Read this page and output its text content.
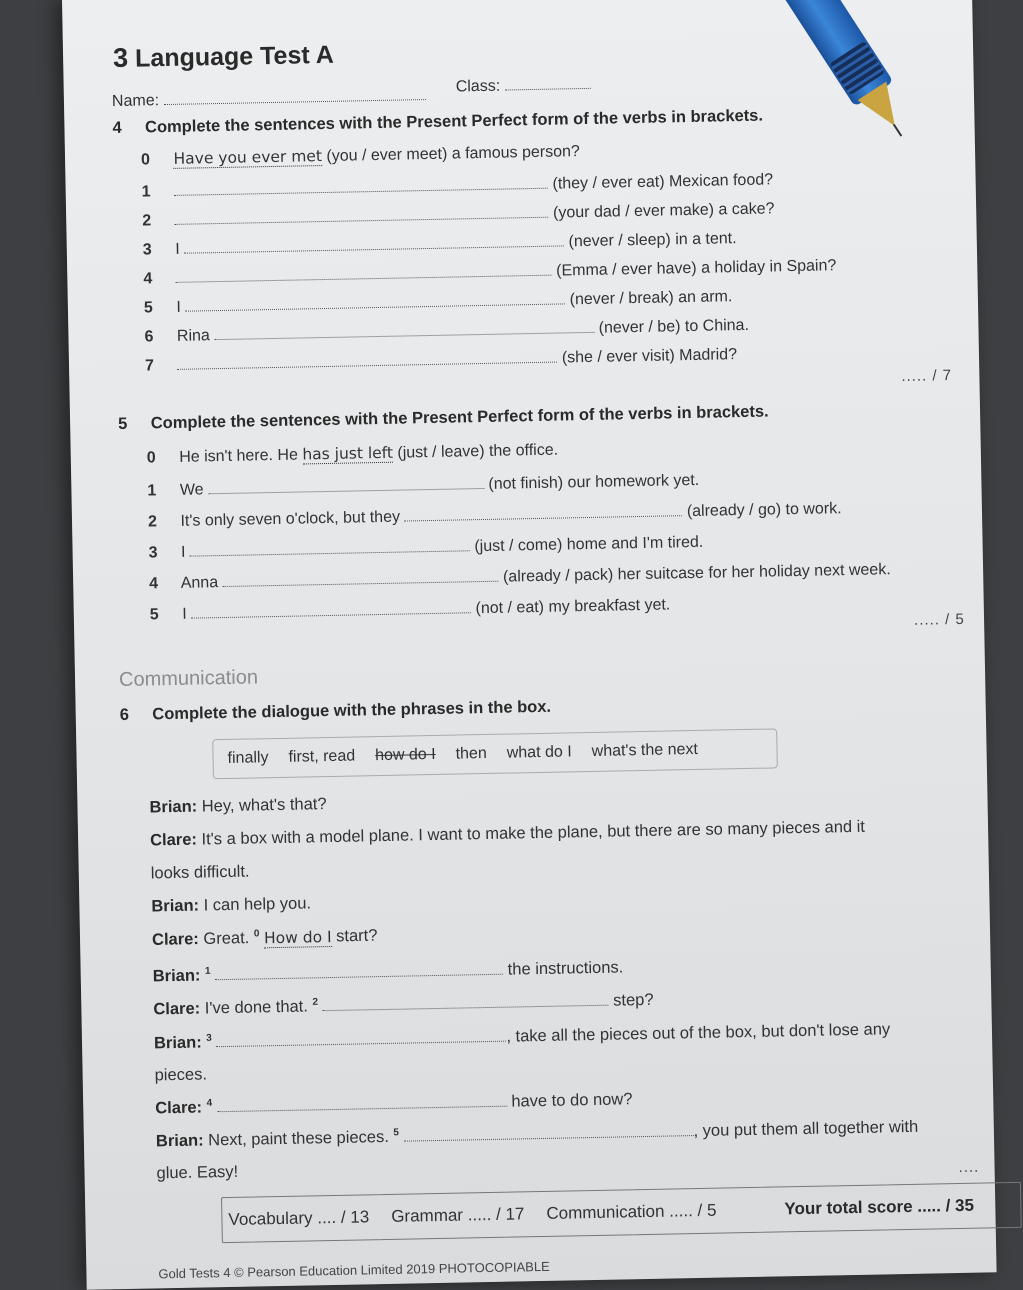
3 Language Test A
Name:
Class:
4 Complete the sentences with the Present Perfect form of the verbs in brackets.
0 Have you ever met (you / ever meet) a famous person?
1	(they / ever eat) Mexican food?
2	(your dad / ever make) a cake?
3 I	(never / sleep) in a tent.
4	(Emma / ever have) a holiday in Spain?
5 I	(never / break) an arm.
6 Rina	(never / be) to China.
7	(she / ever visit) Madrid?
..... / 7
5 Complete the sentences with the Present Perfect form of the verbs in brackets.
0 He isn't here. He has just left (just / leave) the office.
1 We	(not finish) our homework yet.
2 It's only seven o'clock, but they	(already / go) to work.
3 I	(just / come) home and I'm tired.
4 Anna	(already / pack) her suitcase for her holiday next week.
5 I	(not / eat) my breakfast yet.
..... / 5
Communication
6 Complete the dialogue with the phrases in the box.
finally first, read how do I then what do I what's the next
Brian: Hey, what's that?
Clare: It's a box with a model plane. I want to make the plane, but there are so many pieces and it
looks difficult.
Brian: I can help you.
Clare: Great. $^0$ How do I start?
Brian: $^1$	the instructions.
Clare: I've done that. $^2$	step?
Brian: $^3$	, take all the pieces out of the box, but don't lose any
pieces.
Clare: $^4$	have to do now?
Brian: Next, paint these pieces. $^5$	, you put them all together with
glue. Easy!	....
Vocabulary .... / 13 Grammar ..... / 17 Communication ..... / 5	Your total score ..... / 35
Gold Tests 4 © Pearson Education Limited 2019 PHOTOCOPIABLE
